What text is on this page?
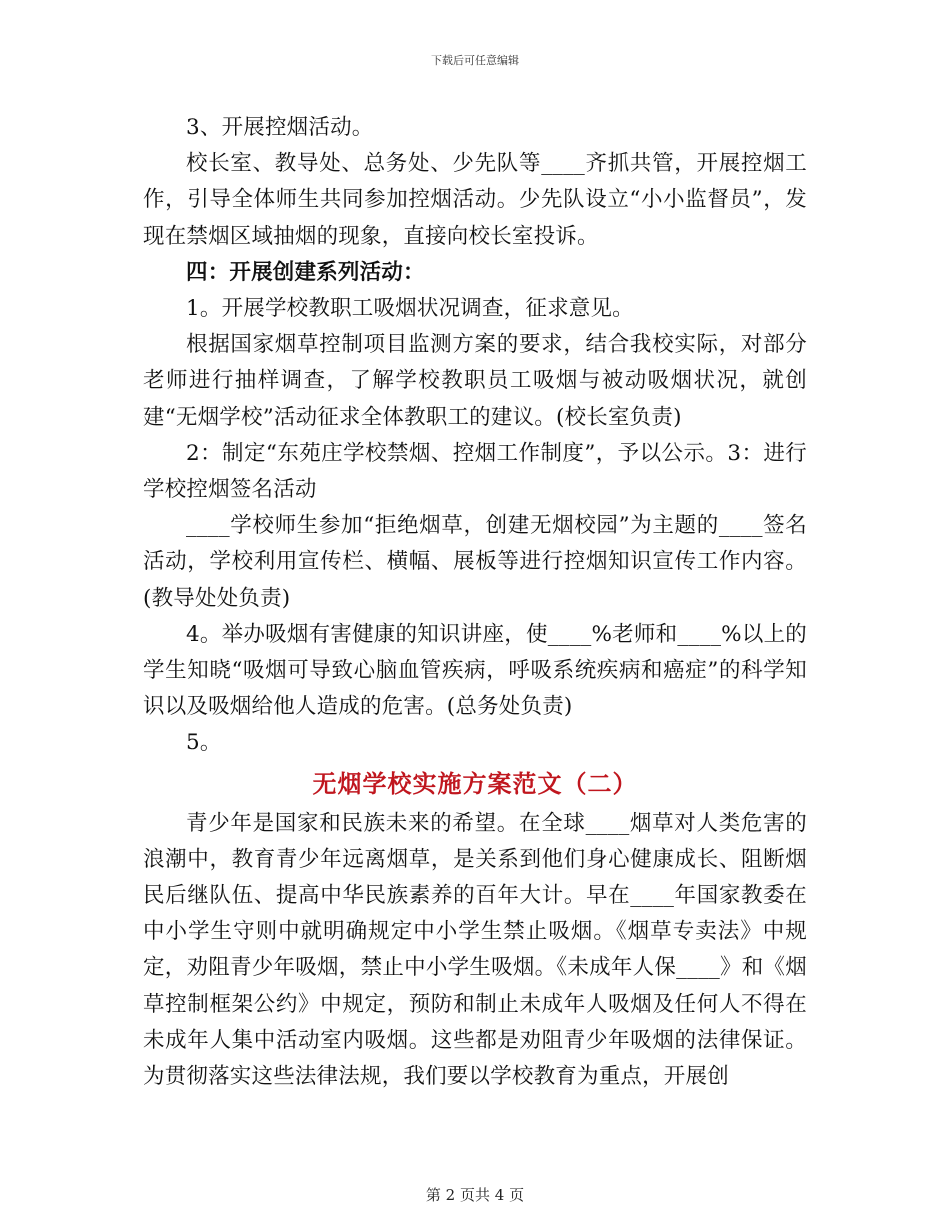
下载后可任意编辑

3、开展控烟活动。

校长室、教导处、总务处、少先队等____齐抓共管，开展控烟工作，引导全体师生共同参加控烟活动。少先队设立“小小监督员”，发现在禁烟区域抽烟的现象，直接向校长室投诉。

四：开展创建系列活动：

1。开展学校教职工吸烟状况调查，征求意见。

根据国家烟草控制项目监测方案的要求，结合我校实际，对部分老师进行抽样调查，了解学校教职员工吸烟与被动吸烟状况，就创建“无烟学校”活动征求全体教职工的建议。(校长室负责)

2：制定“东苑庄学校禁烟、控烟工作制度”，予以公示。3：进行学校控烟签名活动

____学校师生参加“拒绝烟草，创建无烟校园”为主题的____签名活动，学校利用宣传栏、横幅、展板等进行控烟知识宣传工作内容。(教导处处负责)

4。举办吸烟有害健康的知识讲座，使____%老师和____%以上的学生知晓“吸烟可导致心脑血管疾病，呼吸系统疾病和癌症”的科学知识以及吸烟给他人造成的危害。(总务处负责)

5。

无烟学校实施方案范文（二）

青少年是国家和民族未来的希望。在全球____烟草对人类危害的浪潮中，教育青少年远离烟草，是关系到他们身心健康成长、阻断烟民后继队伍、提高中华民族素养的百年大计。早在____年国家教委在中小学生守则中就明确规定中小学生禁止吸烟。《烟草专卖法》中规定，劝阻青少年吸烟，禁止中小学生吸烟。《未成年人保____》和《烟草控制框架公约》中规定，预防和制止未成年人吸烟及任何人不得在未成年人集中活动室内吸烟。这些都是劝阻青少年吸烟的法律保证。为贯彻落实这些法律法规，我们要以学校教育为重点，开展创

第 2 页共 4 页
